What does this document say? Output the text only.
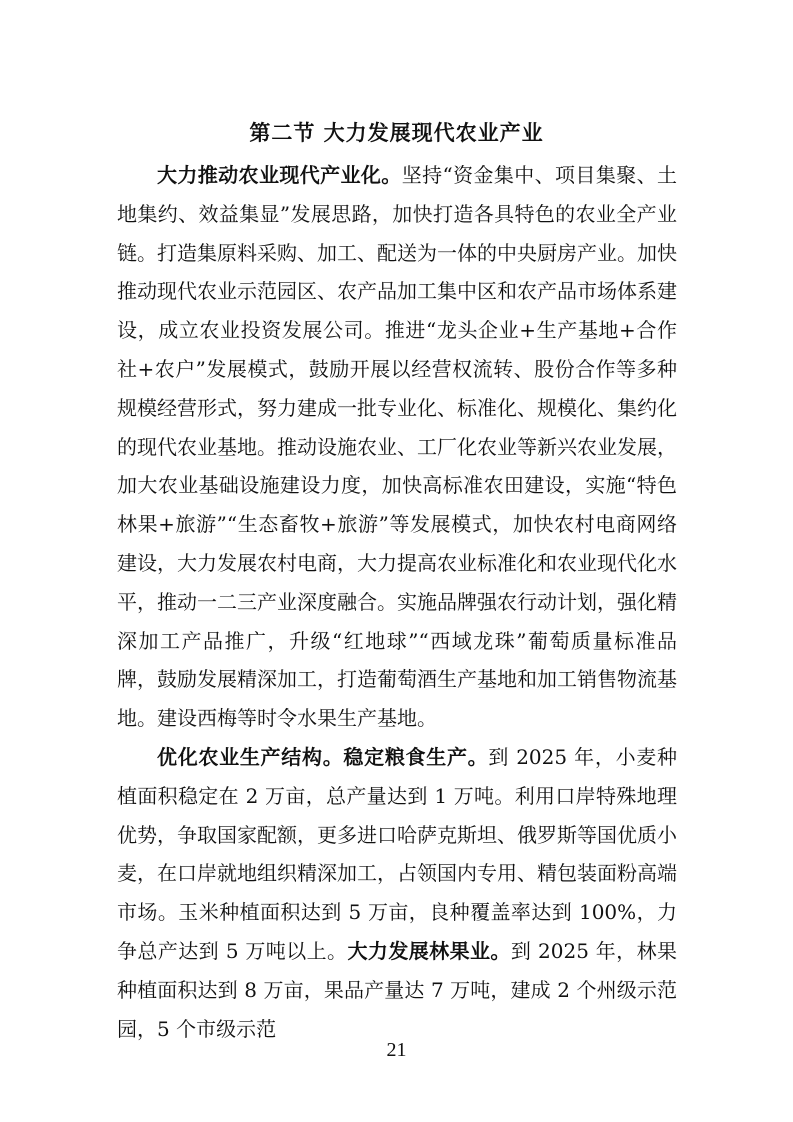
第二节 大力发展现代农业产业

大力推动农业现代产业化。坚持“资金集中、项目集聚、土地集约、效益集显”发展思路，加快打造各具特色的农业全产业链。打造集原料采购、加工、配送为一体的中央厨房产业。加快推动现代农业示范园区、农产品加工集中区和农产品市场体系建设，成立农业投资发展公司。推进“龙头企业+生产基地+合作社+农户”发展模式，鼓励开展以经营权流转、股份合作等多种规模经营形式，努力建成一批专业化、标准化、规模化、集约化的现代农业基地。推动设施农业、工厂化农业等新兴农业发展，加大农业基础设施建设力度，加快高标准农田建设，实施“特色林果+旅游”“生态畜牧+旅游”等发展模式，加快农村电商网络建设，大力发展农村电商，大力提高农业标准化和农业现代化水平，推动一二三产业深度融合。实施品牌强农行动计划，强化精深加工产品推广，升级“红地球”“西域龙珠”葡萄质量标准品牌，鼓励发展精深加工，打造葡萄酒生产基地和加工销售物流基地。建设西梅等时令水果生产基地。

优化农业生产结构。稳定粮食生产。到 2025 年，小麦种植面积稳定在 2 万亩，总产量达到 1 万吨。利用口岸特殊地理优势，争取国家配额，更多进口哈萨克斯坦、俄罗斯等国优质小麦，在口岸就地组织精深加工，占领国内专用、精包装面粉高端市场。玉米种植面积达到 5 万亩，良种覆盖率达到 100%，力争总产达到 5 万吨以上。大力发展林果业。到 2025 年，林果种植面积达到 8 万亩，果品产量达 7 万吨，建成 2 个州级示范园，5 个市级示范

21
